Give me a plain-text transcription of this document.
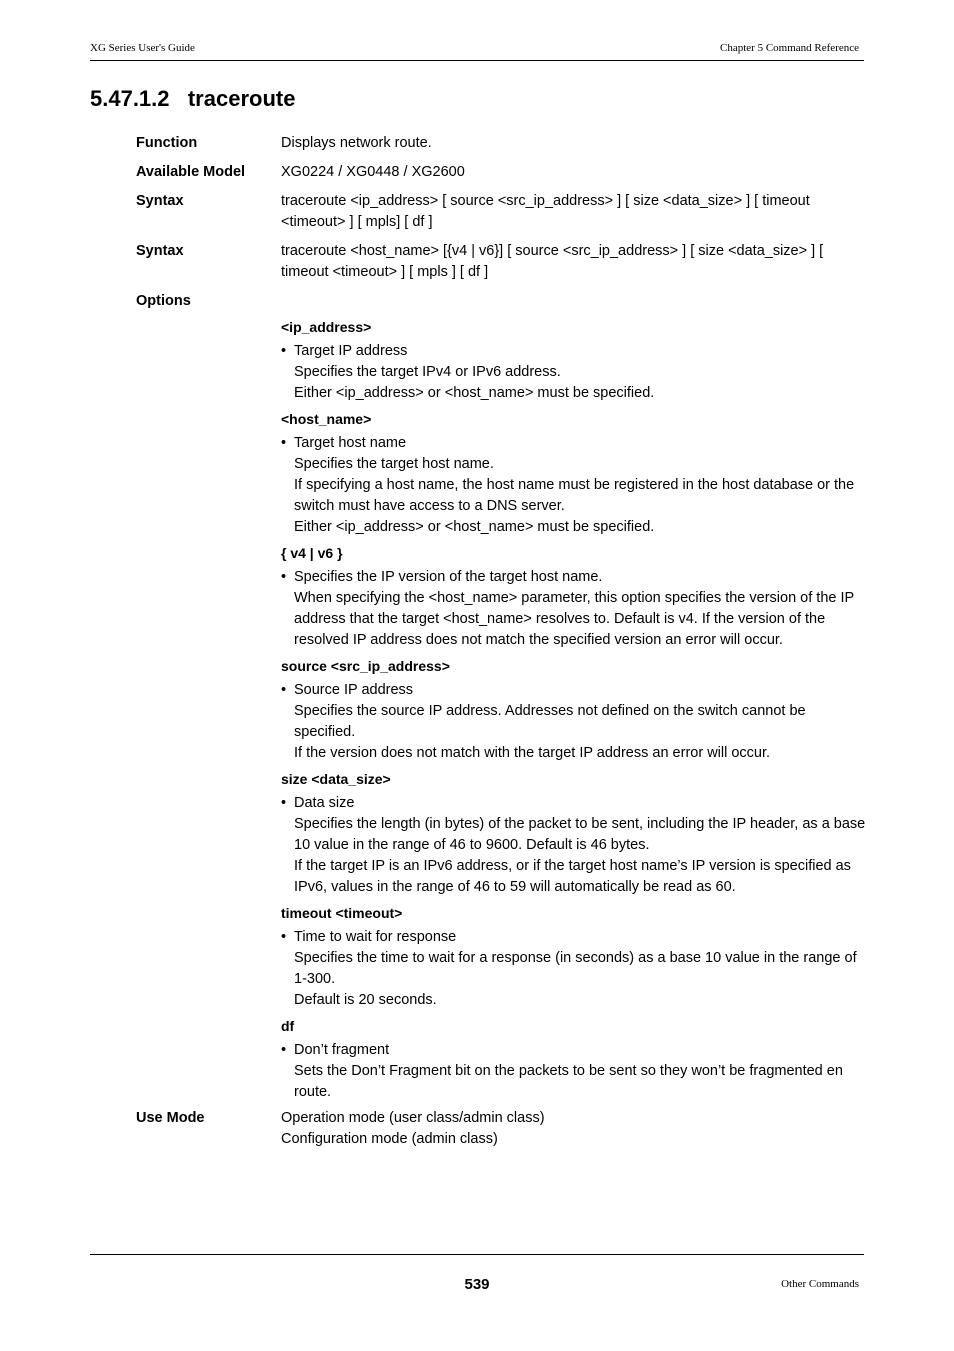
XG Series User's Guide	Chapter 5 Command Reference
5.47.1.2   traceroute
Function	Displays network route.
Available Model	XG0224 / XG0448 / XG2600
Syntax	traceroute <ip_address> [ source <src_ip_address> ] [ size <data_size> ] [ timeout <timeout> ] [ mpls] [ df ]
Syntax	traceroute <host_name> [{v4 | v6}] [ source <src_ip_address> ] [ size <data_size> ] [ timeout <timeout> ] [ mpls ] [ df ]
Options
<ip_address>
• Target IP address
Specifies the target IPv4 or IPv6 address.
Either <ip_address> or <host_name> must be specified.
<host_name>
• Target host name
Specifies the target host name.
If specifying a host name, the host name must be registered in the host database or the switch must have access to a DNS server.
Either <ip_address> or <host_name> must be specified.
{ v4 | v6 }
• Specifies the IP version of the target host name.
When specifying the <host_name> parameter, this option specifies the version of the IP address that the target <host_name> resolves to. Default is v4. If the version of the resolved IP address does not match the specified version an error will occur.
source <src_ip_address>
• Source IP address
Specifies the source IP address. Addresses not defined on the switch cannot be specified.
If the version does not match with the target IP address an error will occur.
size <data_size>
• Data size
Specifies the length (in bytes) of the packet to be sent, including the IP header, as a base 10 value in the range of 46 to 9600. Default is 46 bytes.
If the target IP is an IPv6 address, or if the target host name’s IP version is specified as IPv6, values in the range of 46 to 59 will automatically be read as 60.
timeout <timeout>
• Time to wait for response
Specifies the time to wait for a response (in seconds) as a base 10 value in the range of 1-300.
Default is 20 seconds.
df
• Don’t fragment
Sets the Don’t Fragment bit on the packets to be sent so they won’t be fragmented en route.
Use Mode	Operation mode (user class/admin class)
Configuration mode (admin class)
539	Other Commands
